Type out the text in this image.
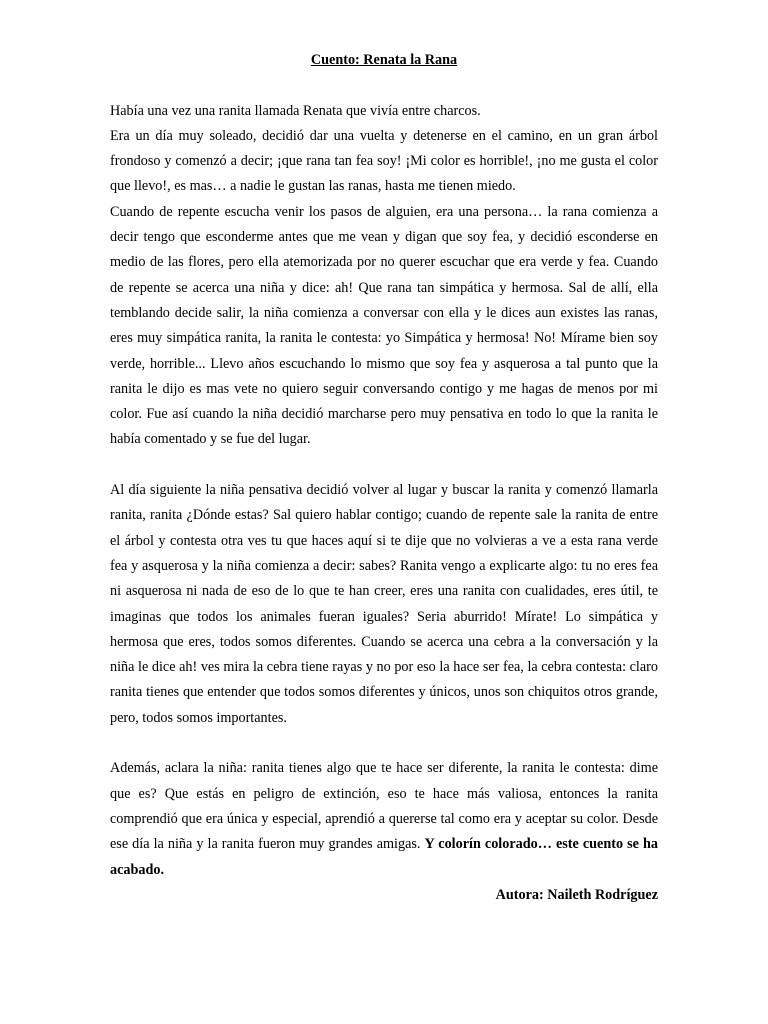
Cuento: Renata la Rana

Había una vez una ranita llamada Renata que vivía entre charcos.

Era un día muy soleado, decidió dar una vuelta y detenerse en el camino, en un gran árbol frondoso y comenzó a decir; ¡que rana tan fea soy! ¡Mi color es horrible!, ¡no me gusta el color que llevo!, es mas… a nadie le gustan las ranas, hasta me tienen miedo.

Cuando de repente escucha venir los pasos de alguien, era una persona… la rana comienza a decir tengo que esconderme antes que me vean y digan que soy fea, y decidió esconderse en medio de las flores, pero ella atemorizada por no querer escuchar que era verde y fea. Cuando de repente se acerca una niña y dice: ah! Que rana tan simpática y hermosa. Sal de allí, ella temblando decide salir, la niña comienza a conversar con ella y le dices aun existes las ranas, eres muy simpática ranita, la ranita le contesta: yo Simpática y hermosa! No! Mírame bien soy verde, horrible... Llevo años escuchando lo mismo que soy fea y asquerosa a tal punto que la ranita le dijo es mas vete no quiero seguir conversando contigo y me hagas de menos por mi color. Fue así cuando la niña decidió marcharse pero muy pensativa en todo lo que la ranita le había comentado y se fue del lugar.

Al día siguiente la niña pensativa decidió volver al lugar y buscar la ranita y comenzó llamarla ranita, ranita ¿Dónde estas? Sal quiero hablar contigo; cuando de repente sale la ranita de entre el árbol y contesta otra ves tu que haces aquí si te dije que no volvieras a ve a esta rana verde fea y asquerosa y la niña comienza a decir: sabes? Ranita vengo a explicarte algo: tu no eres fea ni asquerosa ni nada de eso de lo que te han creer, eres una ranita con cualidades, eres útil, te imaginas que todos los animales fueran iguales? Seria aburrido! Mírate! Lo simpática y hermosa que eres, todos somos diferentes. Cuando se acerca una cebra a la conversación y la niña le dice ah! ves mira la cebra tiene rayas y no por eso la hace ser fea, la cebra contesta: claro ranita tienes que entender que todos somos diferentes y únicos, unos son chiquitos otros grande, pero, todos somos importantes.

Además, aclara la niña: ranita tienes algo que te hace ser diferente, la ranita le contesta: dime que es? Que estás en peligro de extinción, eso te hace más valiosa, entonces la ranita comprendió que era única y especial, aprendió a quererse tal como era y aceptar su color. Desde ese día la niña y la ranita fueron muy grandes amigas. Y colorín colorado… este cuento se ha acabado.

Autora: Naileth Rodríguez
